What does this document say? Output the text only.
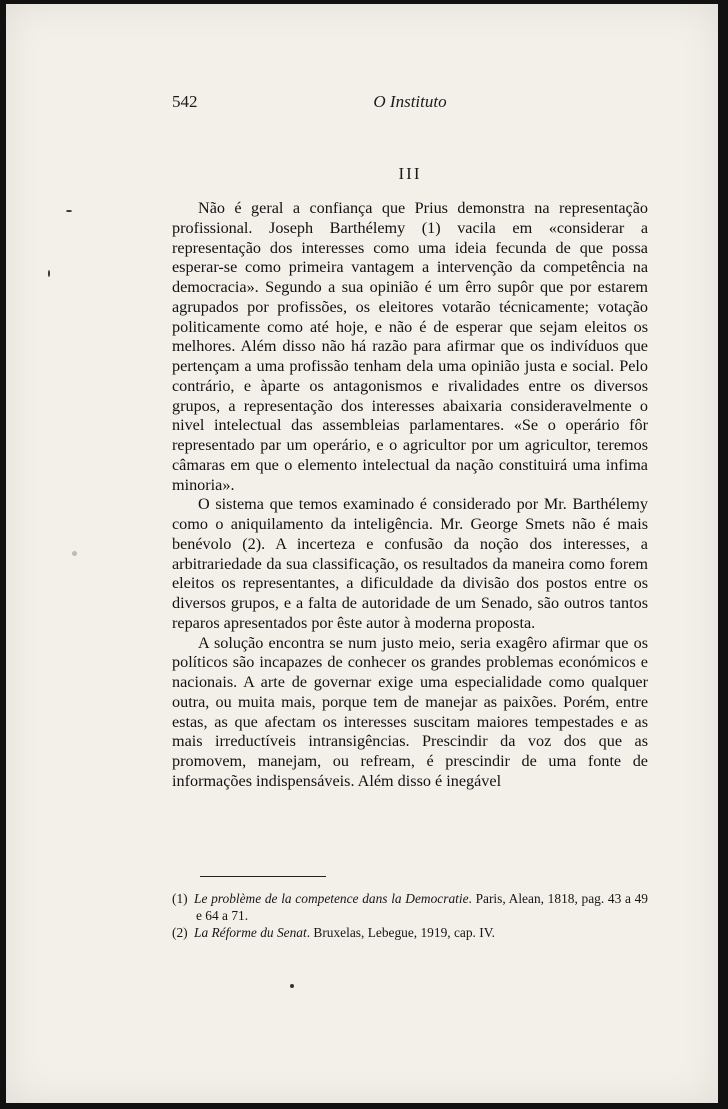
542	O Instituto
III

Não é geral a confiança que Prius demonstra na representação profissional. Joseph Barthélemy (1) vacila em «considerar a representação dos interesses como uma ideia fecunda de que possa esperar-se como primeira vantagem a intervenção da competência na democracia». Segundo a sua opinião é um êrro supôr que por estarem agrupados por profissões, os eleitores votarão técnicamente; votação politicamente como até hoje, e não é de esperar que sejam eleitos os melhores. Além disso não há razão para afirmar que os indivíduos que pertençam a uma profissão tenham dela uma opinião justa e social. Pelo contrário, e àparte os antagonismos e rivalidades entre os diversos grupos, a representação dos interesses abaixaria consideravelmente o nivel intelectual das assembleias parlamentares. «Se o operário fôr representado par um operário, e o agricultor por um agricultor, teremos câmaras em que o elemento intelectual da nação constituirá uma infima minoria».

O sistema que temos examinado é considerado por Mr. Barthélemy como o aniquilamento da inteligência. Mr. George Smets não é mais benévolo (2). A incerteza e confusão da noção dos interesses, a arbitrariedade da sua classificação, os resultados da maneira como forem eleitos os representantes, a dificuldade da divisão dos postos entre os diversos grupos, e a falta de autoridade de um Senado, são outros tantos reparos apresentados por êste autor à moderna proposta.

A solução encontra se num justo meio, seria exagêro afirmar que os políticos são incapazes de conhecer os grandes problemas económicos e nacionais. A arte de governar exige uma especialidade como qualquer outra, ou muita mais, porque tem de manejar as paixões. Porém, entre estas, as que afectam os interesses suscitam maiores tempestades e as mais irreductíveis intransigências. Prescindir da voz dos que as promovem, manejam, ou refream, é prescindir de uma fonte de informações indispensáveis. Além disso é inegável

(1) Le problème de la competence dans la Democratie. Paris, Alean, 1818, pag. 43 a 49 e 64 a 71.

(2) La Réforme du Senat. Bruxelas, Lebegue, 1919, cap. IV.
